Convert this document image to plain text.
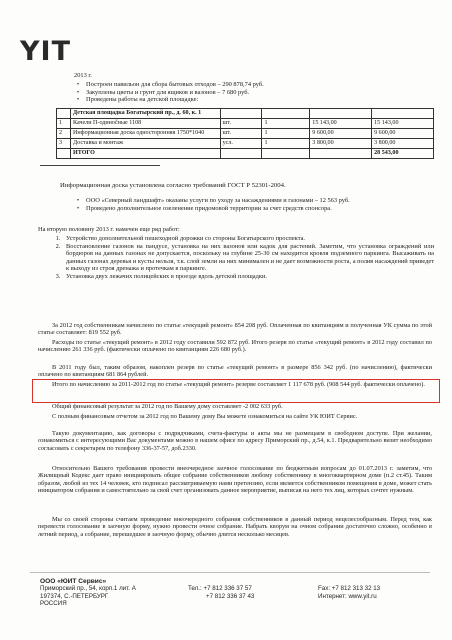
YIT
2013 г.
•	Построен павильон для сбора бытовых отходов – 290 878,74 руб.
•	Закуплены цветы и грунт для ящиков и вазонов – 7 680 руб.
•	Проведены работы на детской площадке:
	Детская площадка Богатырский пр., д. 60, к. 1				
1	Качели П-одинočные 1108	шт.	1	15 143,00	15 143,00
2	Информационная доска односторонняя 1750*1040	шт.	1	9 600,00	9 600,00
3	Доставка и монтаж	усл.	1	3 800,00	3 800,00
	ИТОГО				28 543,00
Информационная доска установлена согласно требований ГОСТ Р 52301-2004.
•	ООО «Северный ландшафт» оказаны услуги по уходу за насаждениями и газонами – 12 563 руб.
•	Проведено дополнительное озеленение придомовой территории за счет средств спонсора.
На вторую половину 2013 г. намечен еще ряд работ:
1. Устройство дополнительной пешеходной дорожки со стороны Богатырского проспекта.
2. Восстановление газонов на пандусе, установка на них вазонов или кадок для растений. Заметим, что установка ограждений или бордюров на данных газонах не допускается, поскольку на глубине 25-30 см находится кровля подземного паркинга. Высаживать на данных газонах деревья и кусты нельзя, т.к. слой земли на них минимален и не дает возможности роста, а полив насаждений приведет к выходу из строя дренажа и протечкам в паркинге.
3. Установка двух лежачих полицейских в проезде вдоль детской площадки.
За 2012 год собственникам начислено по статье «текущий ремонт» 854 208 руб. Оплаченная по квитанциям и полученная УК сумма по этой статье составляет: 819 552 руб.
Расходы по статье «текущий ремонт» в 2012 году составили 592 872 руб. Итого резерв по статье «текущий ремонт» в 2012 году составил по начислению 261 336 руб. (фактически оплачено по квитанциям 226 680 руб.).
В 2011 году был, таким образом, накоплен резерв по статье «текущий ремонт» в размере 856 342 руб. (по начислению), фактически оплачено по квитанциям 681 864 рублей.
Итого по начислению за 2011-2012 год по статье «текущий ремонт» резерве составляет 1 117 678 руб. (908 544 руб. фактически оплачено).
Общий финансовый результат за 2012 год по Вашему дому составляет -2 002 633 руб.
С полным финансовым отчетом за 2012 год по Вашему дому Вы можете ознакомиться на сайте УК ЮИТ Сервис.
Такую документацию, как договоры с подрядчиками, счета-фактуры и акты мы не размещаем в свободном доступе. При желании, ознакомиться с интересующими Вас документами можно в нашем офисе по адресу Приморский пр., д.54, к.1. Предварительно визит необходимо согласовать с секретарем по телефону 336-37-57, доб.2330.
Относительно Вашего требования провести внеочередное заочное голосование по бюджетным вопросам до 01.07.2013 г. заметим, что Жилищный Кодекс дает право инициировать общее собрание собственников любому собственнику в многоквартирном доме (п.2 ст.45). Таким образом, любой из тех 14 человек, кто подписал рассматриваемую нами претензию, если является собственником помещения в доме, может стать инициатором собрания и самостоятельно за свой счет организовать данное мероприятие, выписав на него тех лиц, которых сочтет нужным.
Мы со своей стороны считаем проведение внеочередного собрания собственников в данный период нецелесообразным. Перед тем, как перевести голосование в заочную форму, нужно провести очное собрание. Набрать кворум на очном собрании достаточно сложно, особенно в летний период, а собрание, перешедшее в заочную форму, обычно длится несколько месяцев.
ООО «ЮИТ Сервис»
Приморский пр., 54, корп.1 лит. А
197374, С.-ПЕТЕРБУРГ
РОССИЯ

Тел.: +7 812 336 37 57
+7 812 336 37 43

Fax: +7 812 313 32 13
Интернет: www.yit.ru
